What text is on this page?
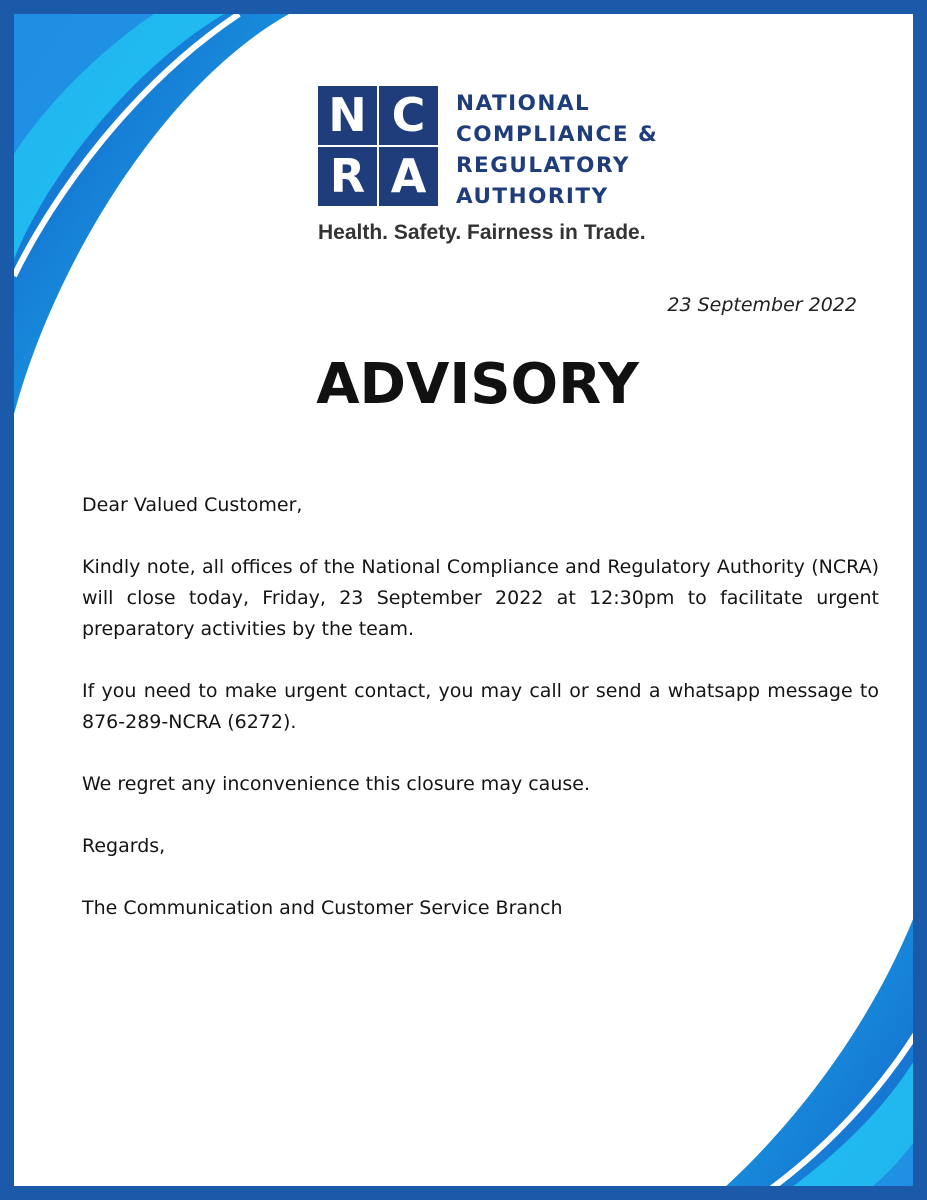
N C
R A
NATIONAL
COMPLIANCE &
REGULATORY
AUTHORITY
Health. Safety. Fairness in Trade.
23 September 2022
ADVISORY

Dear Valued Customer,

Kindly note, all offices of the National Compliance and Regulatory Authority (NCRA) will close today, Friday, 23 September 2022 at 12:30pm to facilitate urgent preparatory activities by the team.

If you need to make urgent contact, you may call or send a whatsapp message to 876-289-NCRA (6272).

We regret any inconvenience this closure may cause.

Regards,

The Communication and Customer Service Branch
